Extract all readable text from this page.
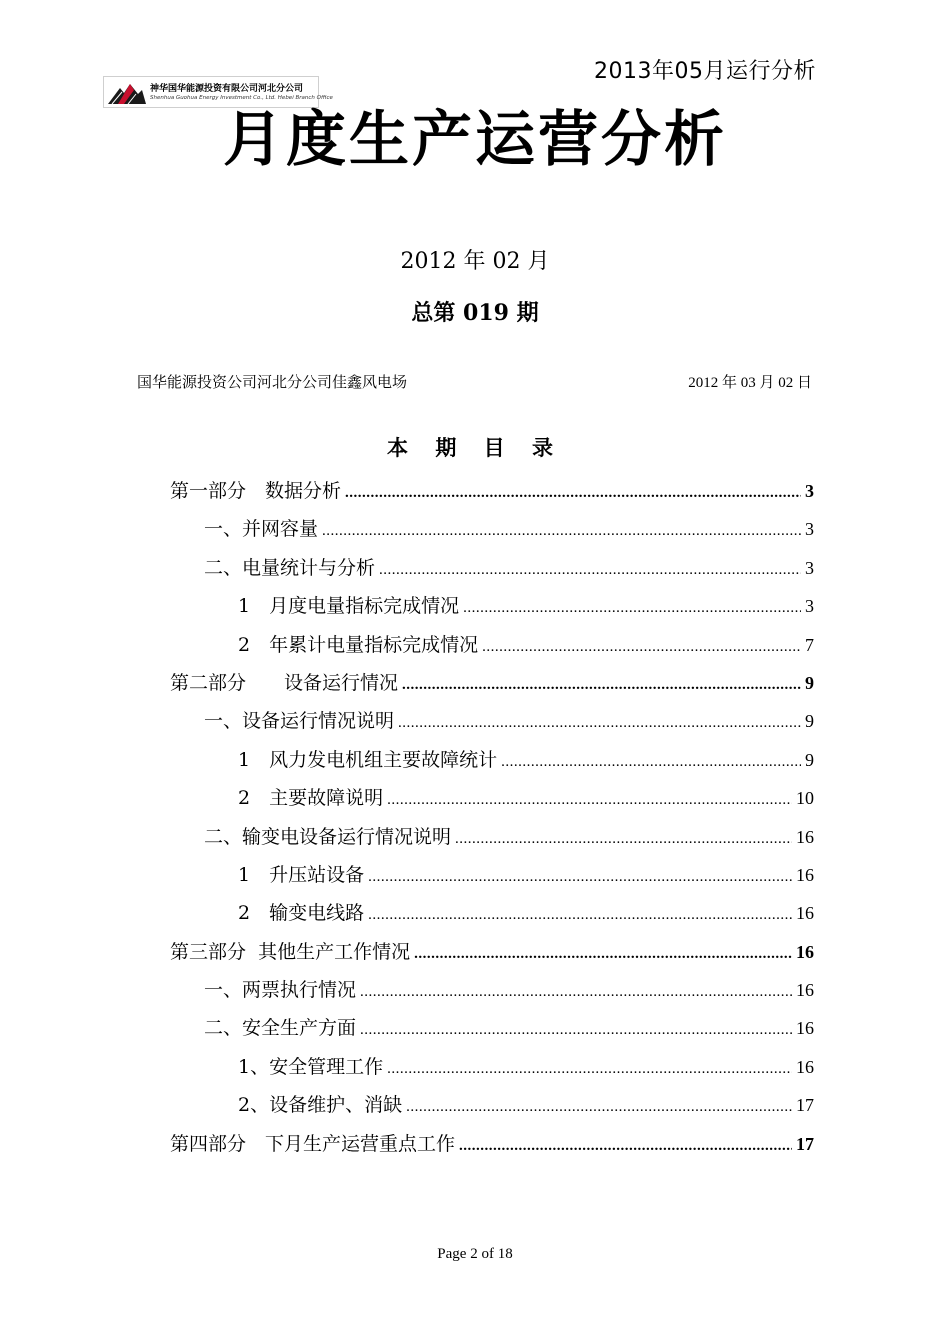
2013年05月运行分析
神华国华能源投资有限公司河北分公司
Shenhua Guohua Energy Investment Co., Ltd. Hebei Branch Office
月度生产运营分析
2012 年 02 月
总第 019 期
国华能源投资公司河北分公司佳鑫风电场	2012 年 03 月 02 日
本 期 目 录
第一部分　数据分析 .....	3
一、并网容量 .....	3
二、电量统计与分析 .....	3
1　月度电量指标完成情况 .....	3
2　年累计电量指标完成情况 .....	7
第二部分　　设备运行情况 .....	9
一、设备运行情况说明 .....	9
1　风力发电机组主要故障统计 .....	9
2　主要故障说明 .....	10
二、输变电设备运行情况说明 .....	16
1　升压站设备 .....	16
2　输变电线路 .....	16
第三部分  其他生产工作情况 .....	16
一、两票执行情况 .....	16
二、安全生产方面 .....	16
1、安全管理工作 .....	16
2、设备维护、消缺 .....	17
第四部分　下月生产运营重点工作 .....	17
Page 2 of 18
